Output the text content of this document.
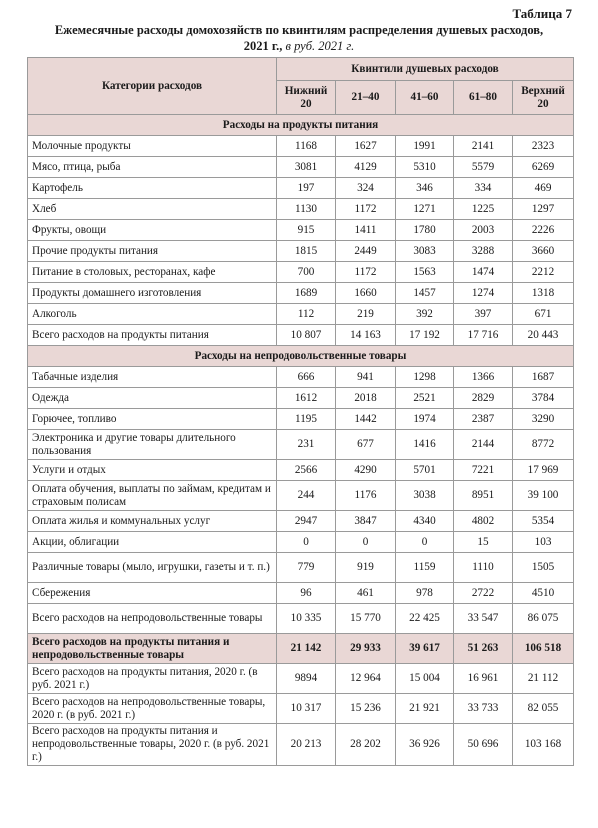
Таблица 7
Ежемесячные расходы домохозяйств по квинтилям распределения душевых расходов,
2021 г., в руб. 2021 г.
Категории расходов	Квинтили душевых расходов				
	Нижний 20	21–40	41–60	61–80	Верхний 20
Расходы на продукты питания					
Молочные продукты	1168	1627	1991	2141	2323
Мясо, птица, рыба	3081	4129	5310	5579	6269
Картофель	197	324	346	334	469
Хлеб	1130	1172	1271	1225	1297
Фрукты, овощи	915	1411	1780	2003	2226
Прочие продукты питания	1815	2449	3083	3288	3660
Питание в столовых, ресторанах, кафе	700	1172	1563	1474	2212
Продукты домашнего изготовления	1689	1660	1457	1274	1318
Алкоголь	112	219	392	397	671
Всего расходов на продукты питания	10 807	14 163	17 192	17 716	20 443
Расходы на непродовольственные товары					
Табачные изделия	666	941	1298	1366	1687
Одежда	1612	2018	2521	2829	3784
Горючее, топливо	1195	1442	1974	2387	3290
Электроника и другие товары длительного пользования	231	677	1416	2144	8772
Услуги и отдых	2566	4290	5701	7221	17 969
Оплата обучения, выплаты по займам, кредитам и страховым полисам	244	1176	3038	8951	39 100
Оплата жилья и коммунальных услуг	2947	3847	4340	4802	5354
Акции, облигации	0	0	0	15	103
Различные товары (мыло, игрушки, газеты и т. п.)	779	919	1159	1110	1505
Сбережения	96	461	978	2722	4510
Всего расходов на непродовольственные товары	10 335	15 770	22 425	33 547	86 075
Всего расходов на продукты питания и непродовольственные товары	21 142	29 933	39 617	51 263	106 518
Всего расходов на продукты питания, 2020 г. (в руб. 2021 г.)	9894	12 964	15 004	16 961	21 112
Всего расходов на непродовольственные товары, 2020 г. (в руб. 2021 г.)	10 317	15 236	21 921	33 733	82 055
Всего расходов на продукты питания и непродовольственные товары, 2020 г. (в руб. 2021 г.)	20 213	28 202	36 926	50 696	103 168
